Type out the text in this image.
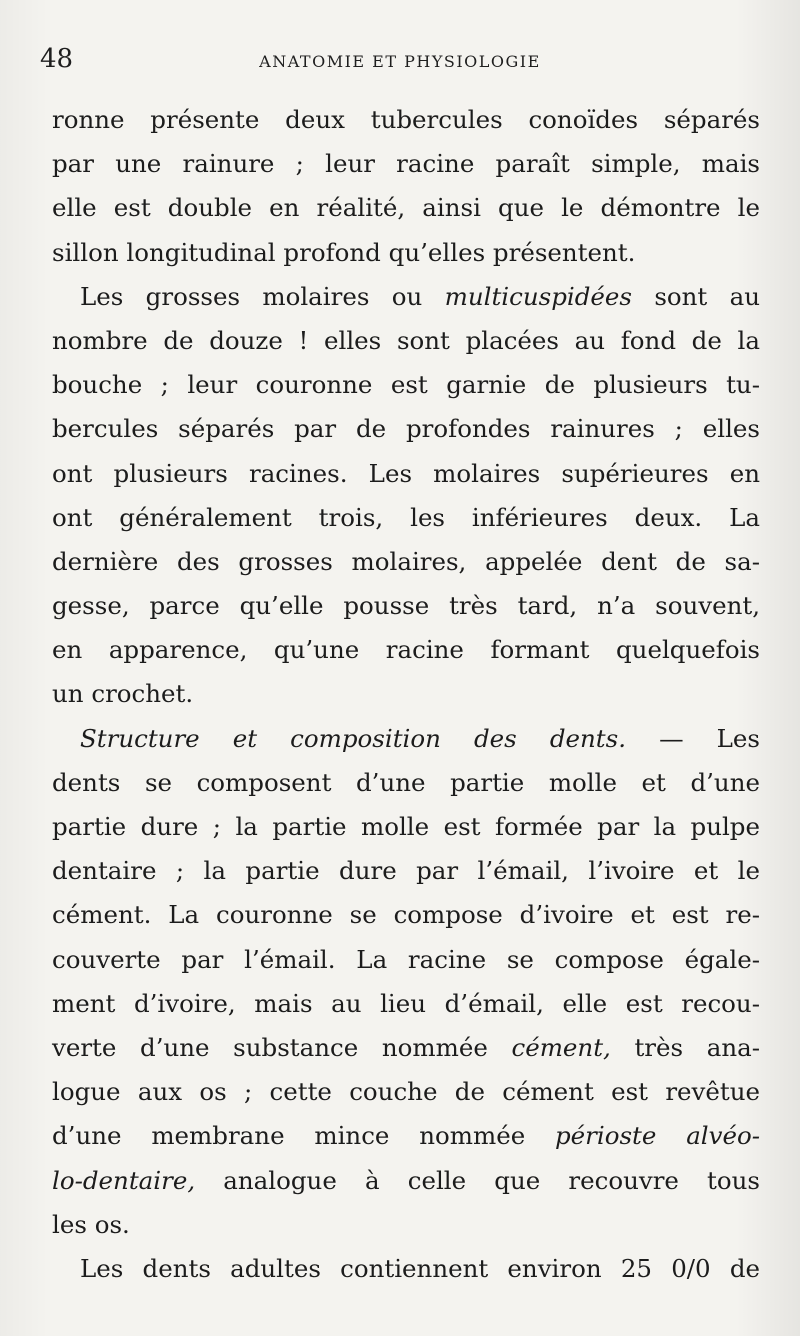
48	ANATOMIE ET PHYSIOLOGIE
ronne présente deux tubercules conoïdes séparés
par une rainure ; leur racine paraît simple, mais
elle est double en réalité, ainsi que le démontre le
sillon longitudinal profond qu’elles présentent.
Les grosses molaires ou multicuspidées sont au
nombre de douze ! elles sont placées au fond de la
bouche ; leur couronne est garnie de plusieurs tu-
bercules séparés par de profondes rainures ; elles
ont plusieurs racines. Les molaires supérieures en
ont généralement trois, les inférieures deux. La
dernière des grosses molaires, appelée dent de sa-
gesse, parce qu’elle pousse très tard, n’a souvent,
en apparence, qu’une racine formant quelquefois
un crochet.
Structure et composition des dents. — Les
dents se composent d’une partie molle et d’une
partie dure ; la partie molle est formée par la pulpe
dentaire ; la partie dure par l’émail, l’ivoire et le
cément. La couronne se compose d’ivoire et est re-
couverte par l’émail. La racine se compose égale-
ment d’ivoire, mais au lieu d’émail, elle est recou-
verte d’une substance nommée cément, très ana-
logue aux os ; cette couche de cément est revêtue
d’une membrane mince nommée périoste alvéo-
lo-dentaire, analogue à celle que recouvre tous
les os.
Les dents adultes contiennent environ 25 0/0 de
